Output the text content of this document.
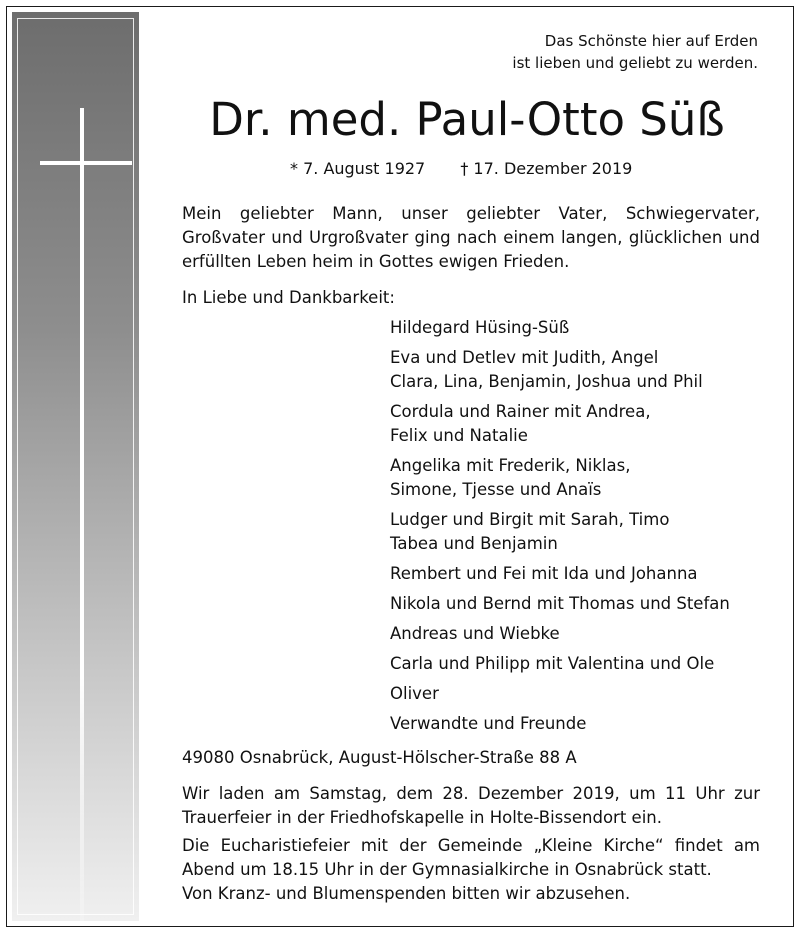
Das Schönste hier auf Erden
ist lieben und geliebt zu werden.
Dr. med. Paul-Otto Süß
* 7. August 1927 † 17. Dezember 2019
Mein geliebter Mann, unser geliebter Vater, Schwiegervater, Großvater und Urgroßvater ging nach einem langen, glücklichen und erfüllten Leben heim in Gottes ewigen Frieden.
In Liebe und Dankbarkeit:
Hildegard Hüsing-Süß
Eva und Detlev mit Judith, Angel
Clara, Lina, Benjamin, Joshua und Phil
Cordula und Rainer mit Andrea,
Felix und Natalie
Angelika mit Frederik, Niklas,
Simone, Tjesse und Anaïs
Ludger und Birgit mit Sarah, Timo
Tabea und Benjamin
Rembert und Fei mit Ida und Johanna
Nikola und Bernd mit Thomas und Stefan
Andreas und Wiebke
Carla und Philipp mit Valentina und Ole
Oliver
Verwandte und Freunde
49080 Osnabrück, August-Hölscher-Straße 88 A
Wir laden am Samstag, dem 28. Dezember 2019, um 11 Uhr zur Trauerfeier in der Friedhofskapelle in Holte-Bissendort ein.
Die Eucharistiefeier mit der Gemeinde „Kleine Kirche“ findet am Abend um 18.15 Uhr in der Gymnasialkirche in Osnabrück statt.
Von Kranz- und Blumenspenden bitten wir abzusehen.
